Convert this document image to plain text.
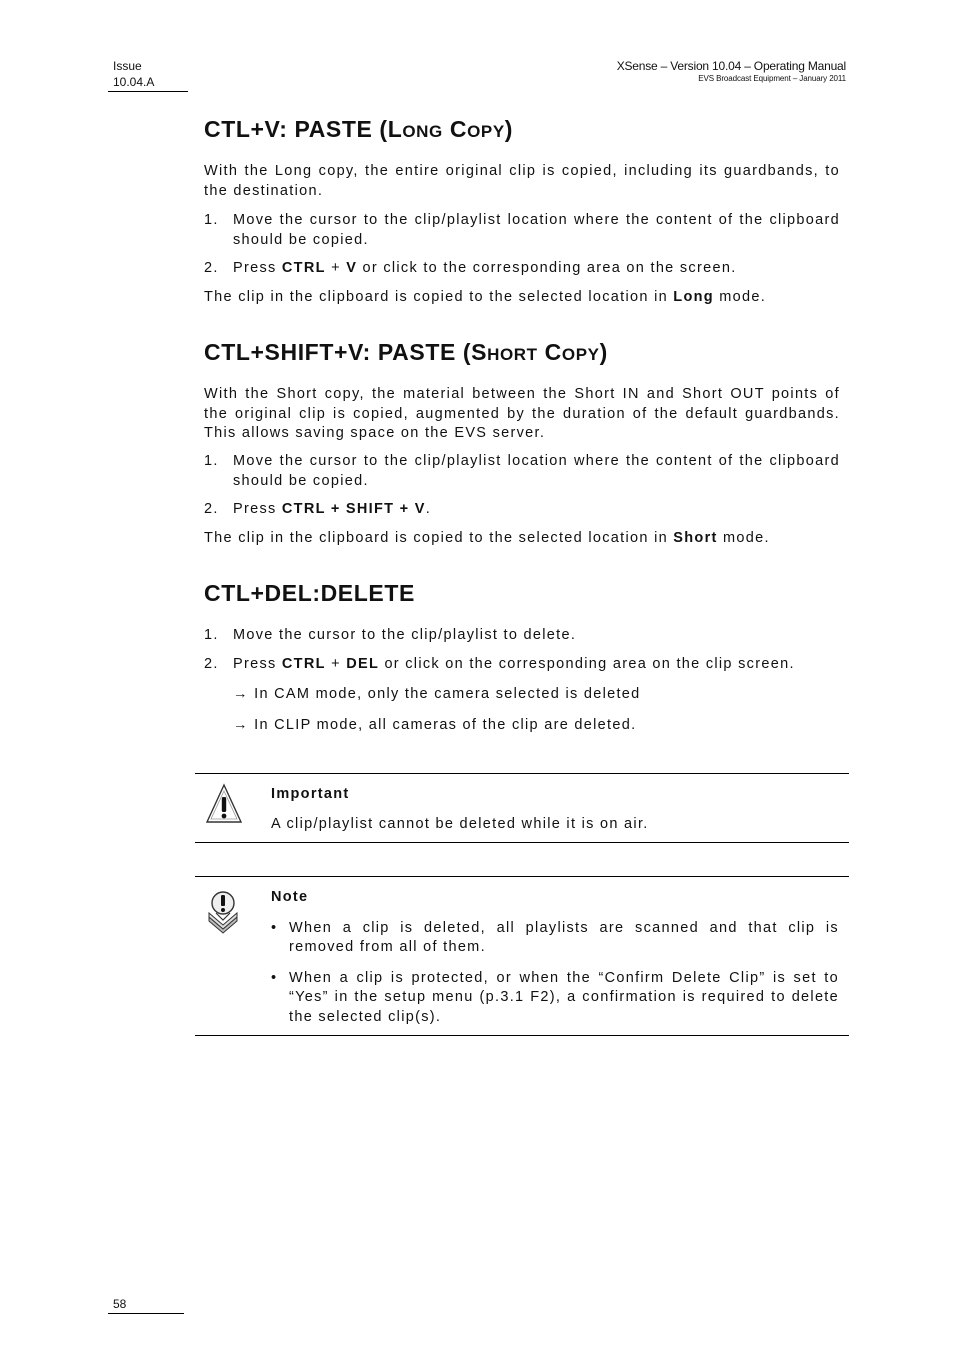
Issue
10.04.A
XSense – Version 10.04 – Operating Manual
EVS Broadcast Equipment – January 2011
CTL+V: PASTE (LONG COPY)

With the Long copy, the entire original clip is copied, including its guardbands, to the destination.

1. Move the cursor to the clip/playlist location where the content of the clipboard should be copied.
2. Press CTRL + V or click to the corresponding area on the screen.

The clip in the clipboard is copied to the selected location in Long mode.

CTL+SHIFT+V: PASTE (SHORT COPY)

With the Short copy, the material between the Short IN and Short OUT points of the original clip is copied, augmented by the duration of the default guardbands. This allows saving space on the EVS server.

1. Move the cursor to the clip/playlist location where the content of the clipboard should be copied.
2. Press CTRL + SHIFT + V.

The clip in the clipboard is copied to the selected location in Short mode.

CTL+DEL:DELETE
1. Move the cursor to the clip/playlist to delete.
2. Press CTRL + DEL or click on the corresponding area on the clip screen.
→ In CAM mode, only the camera selected is deleted
→ In CLIP mode, all cameras of the clip are deleted.
Important

A clip/playlist cannot be deleted while it is on air.

Note
• When a clip is deleted, all playlists are scanned and that clip is removed from all of them.
• When a clip is protected, or when the “Confirm Delete Clip” is set to “Yes” in the setup menu (p.3.1 F2), a confirmation is required to delete the selected clip(s).
58
